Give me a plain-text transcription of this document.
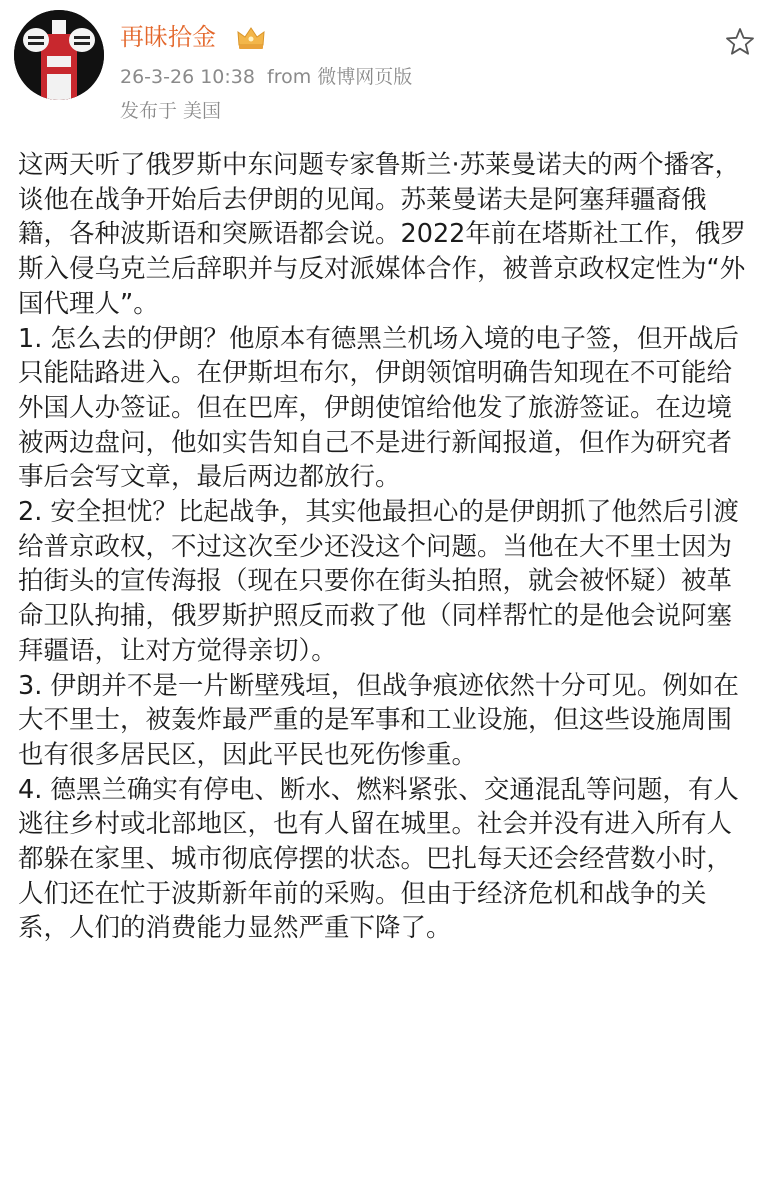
再昧拾金
26-3-26 10:38 from 微博网页版
发布于 美国

这两天听了俄罗斯中东问题专家鲁斯兰·苏莱曼诺夫的两个播客，谈他在战争开始后去伊朗的见闻。苏莱曼诺夫是阿塞拜疆裔俄籍，各种波斯语和突厥语都会说。2022年前在塔斯社工作，俄罗斯入侵乌克兰后辞职并与反对派媒体合作，被普京政权定性为“外国代理人”。

1. 怎么去的伊朗？他原本有德黑兰机场入境的电子签，但开战后只能陆路进入。在伊斯坦布尔，伊朗领馆明确告知现在不可能给外国人办签证。但在巴库，伊朗使馆给他发了旅游签证。在边境被两边盘问，他如实告知自己不是进行新闻报道，但作为研究者事后会写文章，最后两边都放行。

2. 安全担忧？比起战争，其实他最担心的是伊朗抓了他然后引渡给普京政权，不过这次至少还没这个问题。当他在大不里士因为拍街头的宣传海报（现在只要你在街头拍照，就会被怀疑）被革命卫队拘捕，俄罗斯护照反而救了他（同样帮忙的是他会说阿塞拜疆语，让对方觉得亲切）。

3. 伊朗并不是一片断壁残垣，但战争痕迹依然十分可见。例如在大不里士，被轰炸最严重的是军事和工业设施，但这些设施周围也有很多居民区，因此平民也死伤惨重。

4. 德黑兰确实有停电、断水、燃料紧张、交通混乱等问题，有人逃往乡村或北部地区，也有人留在城里。社会并没有进入所有人都躲在家里、城市彻底停摆的状态。巴扎每天还会经营数小时，人们还在忙于波斯新年前的采购。但由于经济危机和战争的关系，人们的消费能力显然严重下降了。
